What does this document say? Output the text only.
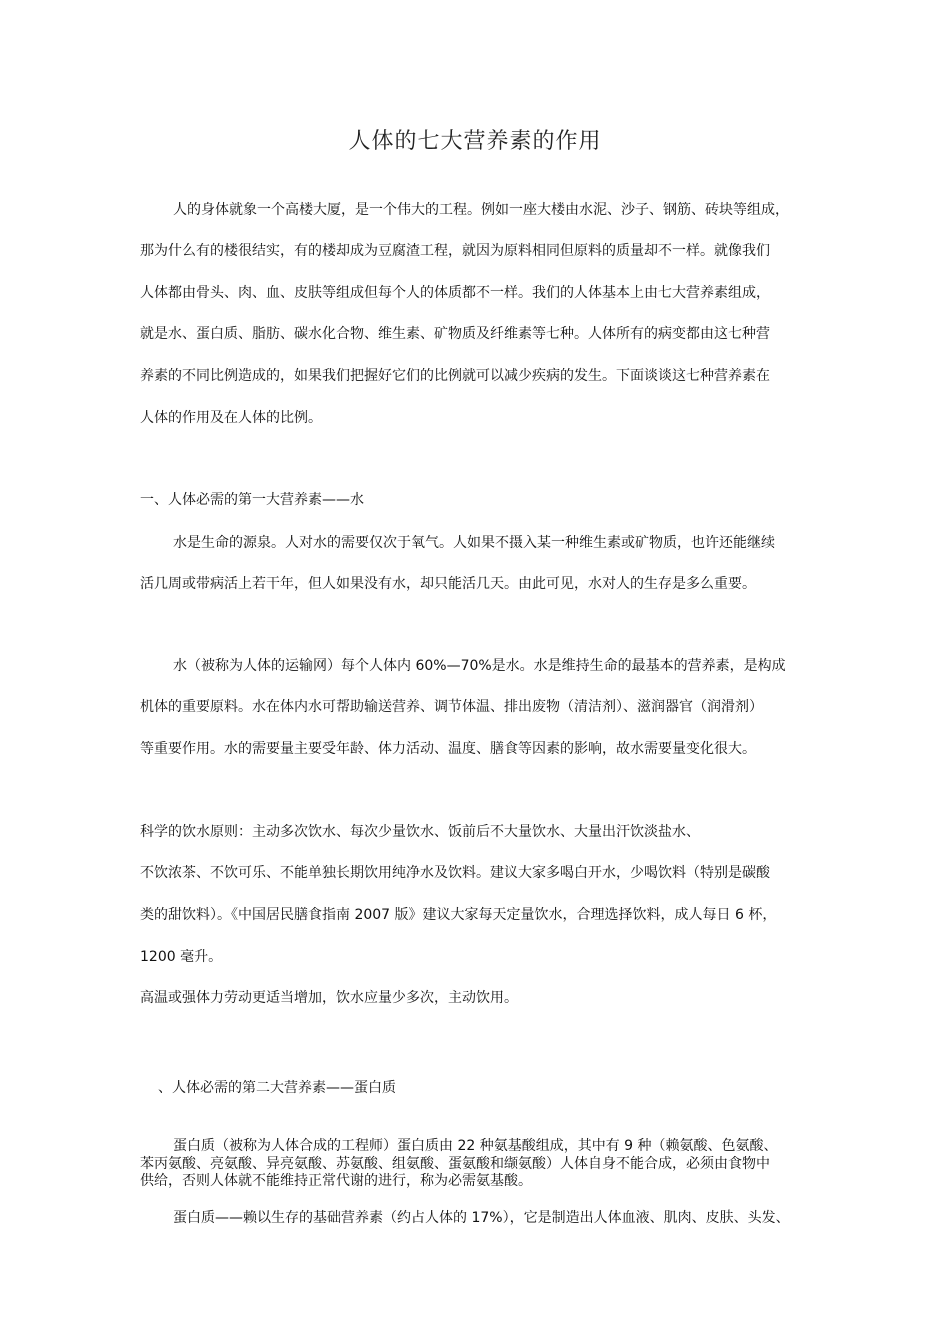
人体的七大营养素的作用

人的身体就象一个高楼大厦，是一个伟大的工程。例如一座大楼由水泥、沙子、钢筋、砖块等组成，

那为什么有的楼很结实，有的楼却成为豆腐渣工程，就因为原料相同但原料的质量却不一样。就像我们

人体都由骨头、肉、血、皮肤等组成但每个人的体质都不一样。我们的人体基本上由七大营养素组成，

就是水、蛋白质、脂肪、碳水化合物、维生素、矿物质及纤维素等七种。人体所有的病变都由这七种营

养素的不同比例造成的，如果我们把握好它们的比例就可以减少疾病的发生。下面谈谈这七种营养素在

人体的作用及在人体的比例。

一、人体必需的第一大营养素——水

水是生命的源泉。人对水的需要仅次于氧气。人如果不摄入某一种维生素或矿物质，也许还能继续

活几周或带病活上若干年，但人如果没有水，却只能活几天。由此可见，水对人的生存是多么重要。

水（被称为人体的运输网）每个人体内 60%—70%是水。水是维持生命的最基本的营养素，是构成

机体的重要原料。水在体内水可帮助输送营养、调节体温、排出废物（清洁剂）、滋润器官（润滑剂）

等重要作用。水的需要量主要受年龄、体力活动、温度、膳食等因素的影响，故水需要量变化很大。

科学的饮水原则：主动多次饮水、每次少量饮水、饭前后不大量饮水、大量出汗饮淡盐水、

不饮浓茶、不饮可乐、不能单独长期饮用纯净水及饮料。建议大家多喝白开水，少喝饮料（特别是碳酸

类的甜饮料）。《中国居民膳食指南 2007 版》建议大家每天定量饮水，合理选择饮料，成人每日 6 杯，

1200 毫升。

高温或强体力劳动更适当增加，饮水应量少多次，主动饮用。

、人体必需的第二大营养素——蛋白质

蛋白质（被称为人体合成的工程师）蛋白质由 22 种氨基酸组成，其中有 9 种（赖氨酸、色氨酸、

苯丙氨酸、亮氨酸、异亮氨酸、苏氨酸、组氨酸、蛋氨酸和缬氨酸）人体自身不能合成，必须由食物中

供给，否则人体就不能维持正常代谢的进行，称为必需氨基酸。

蛋白质——赖以生存的基础营养素（约占人体的 17%），它是制造出人体血液、肌肉、皮肤、头发、
